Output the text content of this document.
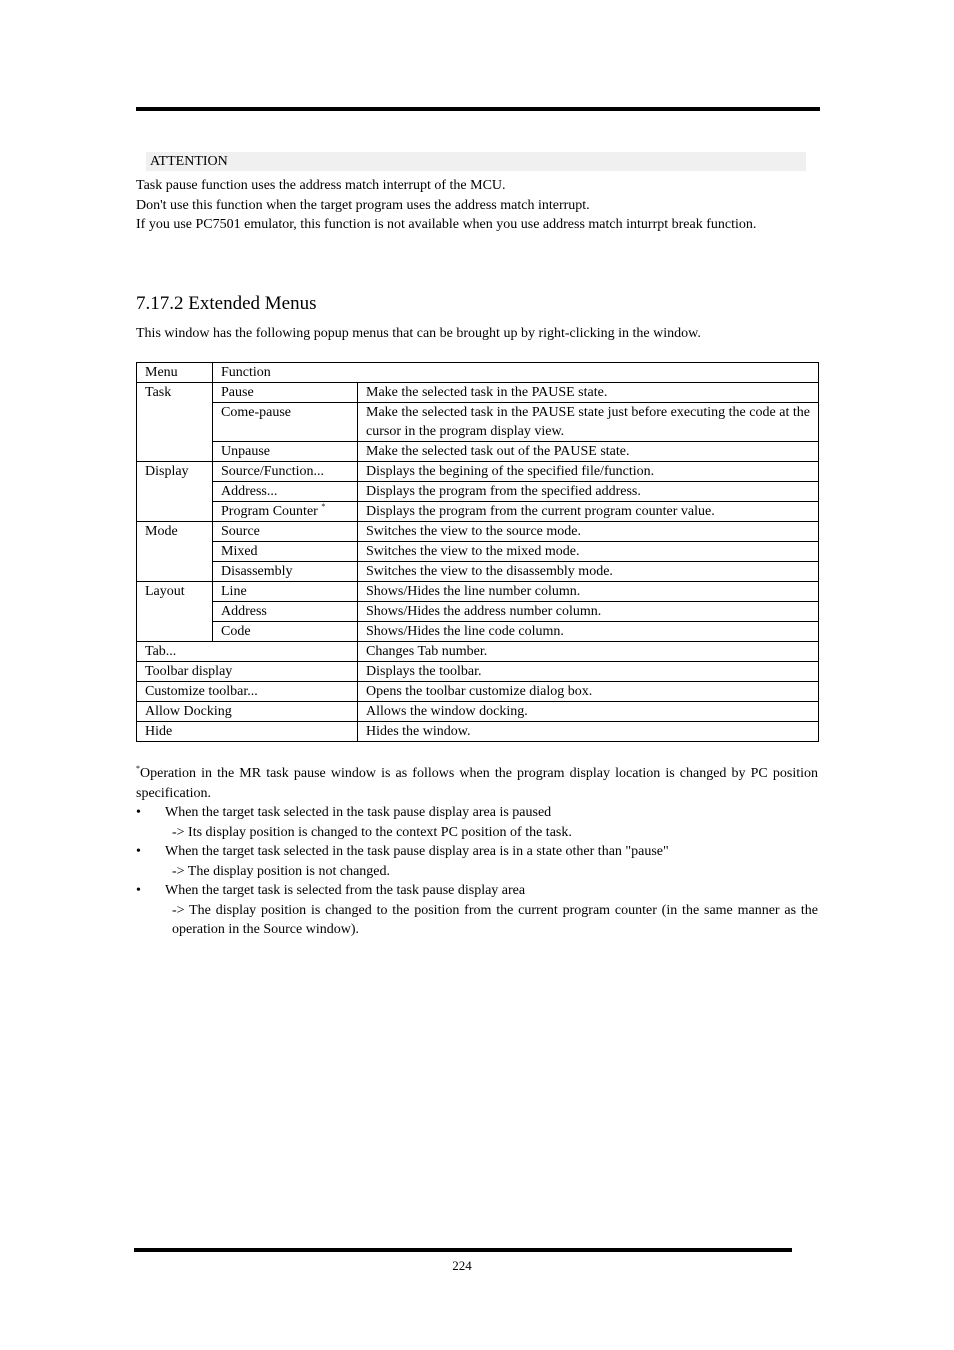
ATTENTION

Task pause function uses the address match interrupt of the MCU.

Don't use this function when the target program uses the address match interrupt.

If you use PC7501 emulator, this function is not available when you use address match inturrpt break function.

7.17.2 Extended Menus

This window has the following popup menus that can be brought up by right-clicking in the window.

Menu	Function	
Task	Pause	Make the selected task in the PAUSE state.
	Come-pause	Make the selected task in the PAUSE state just before executing the code at the cursor in the program display view.
	Unpause	Make the selected task out of the PAUSE state.
Display	Source/Function...	Displays the begining of the specified file/function.
	Address...	Displays the program from the specified address.
	Program Counter *	Displays the program from the current program counter value.
Mode	Source	Switches the view to the source mode.
	Mixed	Switches the view to the mixed mode.
	Disassembly	Switches the view to the disassembly mode.
Layout	Line	Shows/Hides the line number column.
	Address	Shows/Hides the address number column.
	Code	Shows/Hides the line code column.
Tab...		Changes Tab number.
Toolbar display		Displays the toolbar.
Customize toolbar...		Opens the toolbar customize dialog box.
Allow Docking		Allows the window docking.
Hide		Hides the window.

*Operation in the MR task pause window is as follows when the program display location is changed by PC position specification.

• When the target task selected in the task pause display area is paused
-> Its display position is changed to the context PC position of the task.
• When the target task selected in the task pause display area is in a state other than "pause"
-> The display position is not changed.
• When the target task is selected from the task pause display area
-> The display position is changed to the position from the current program counter (in the same manner as the operation in the Source window).
224
